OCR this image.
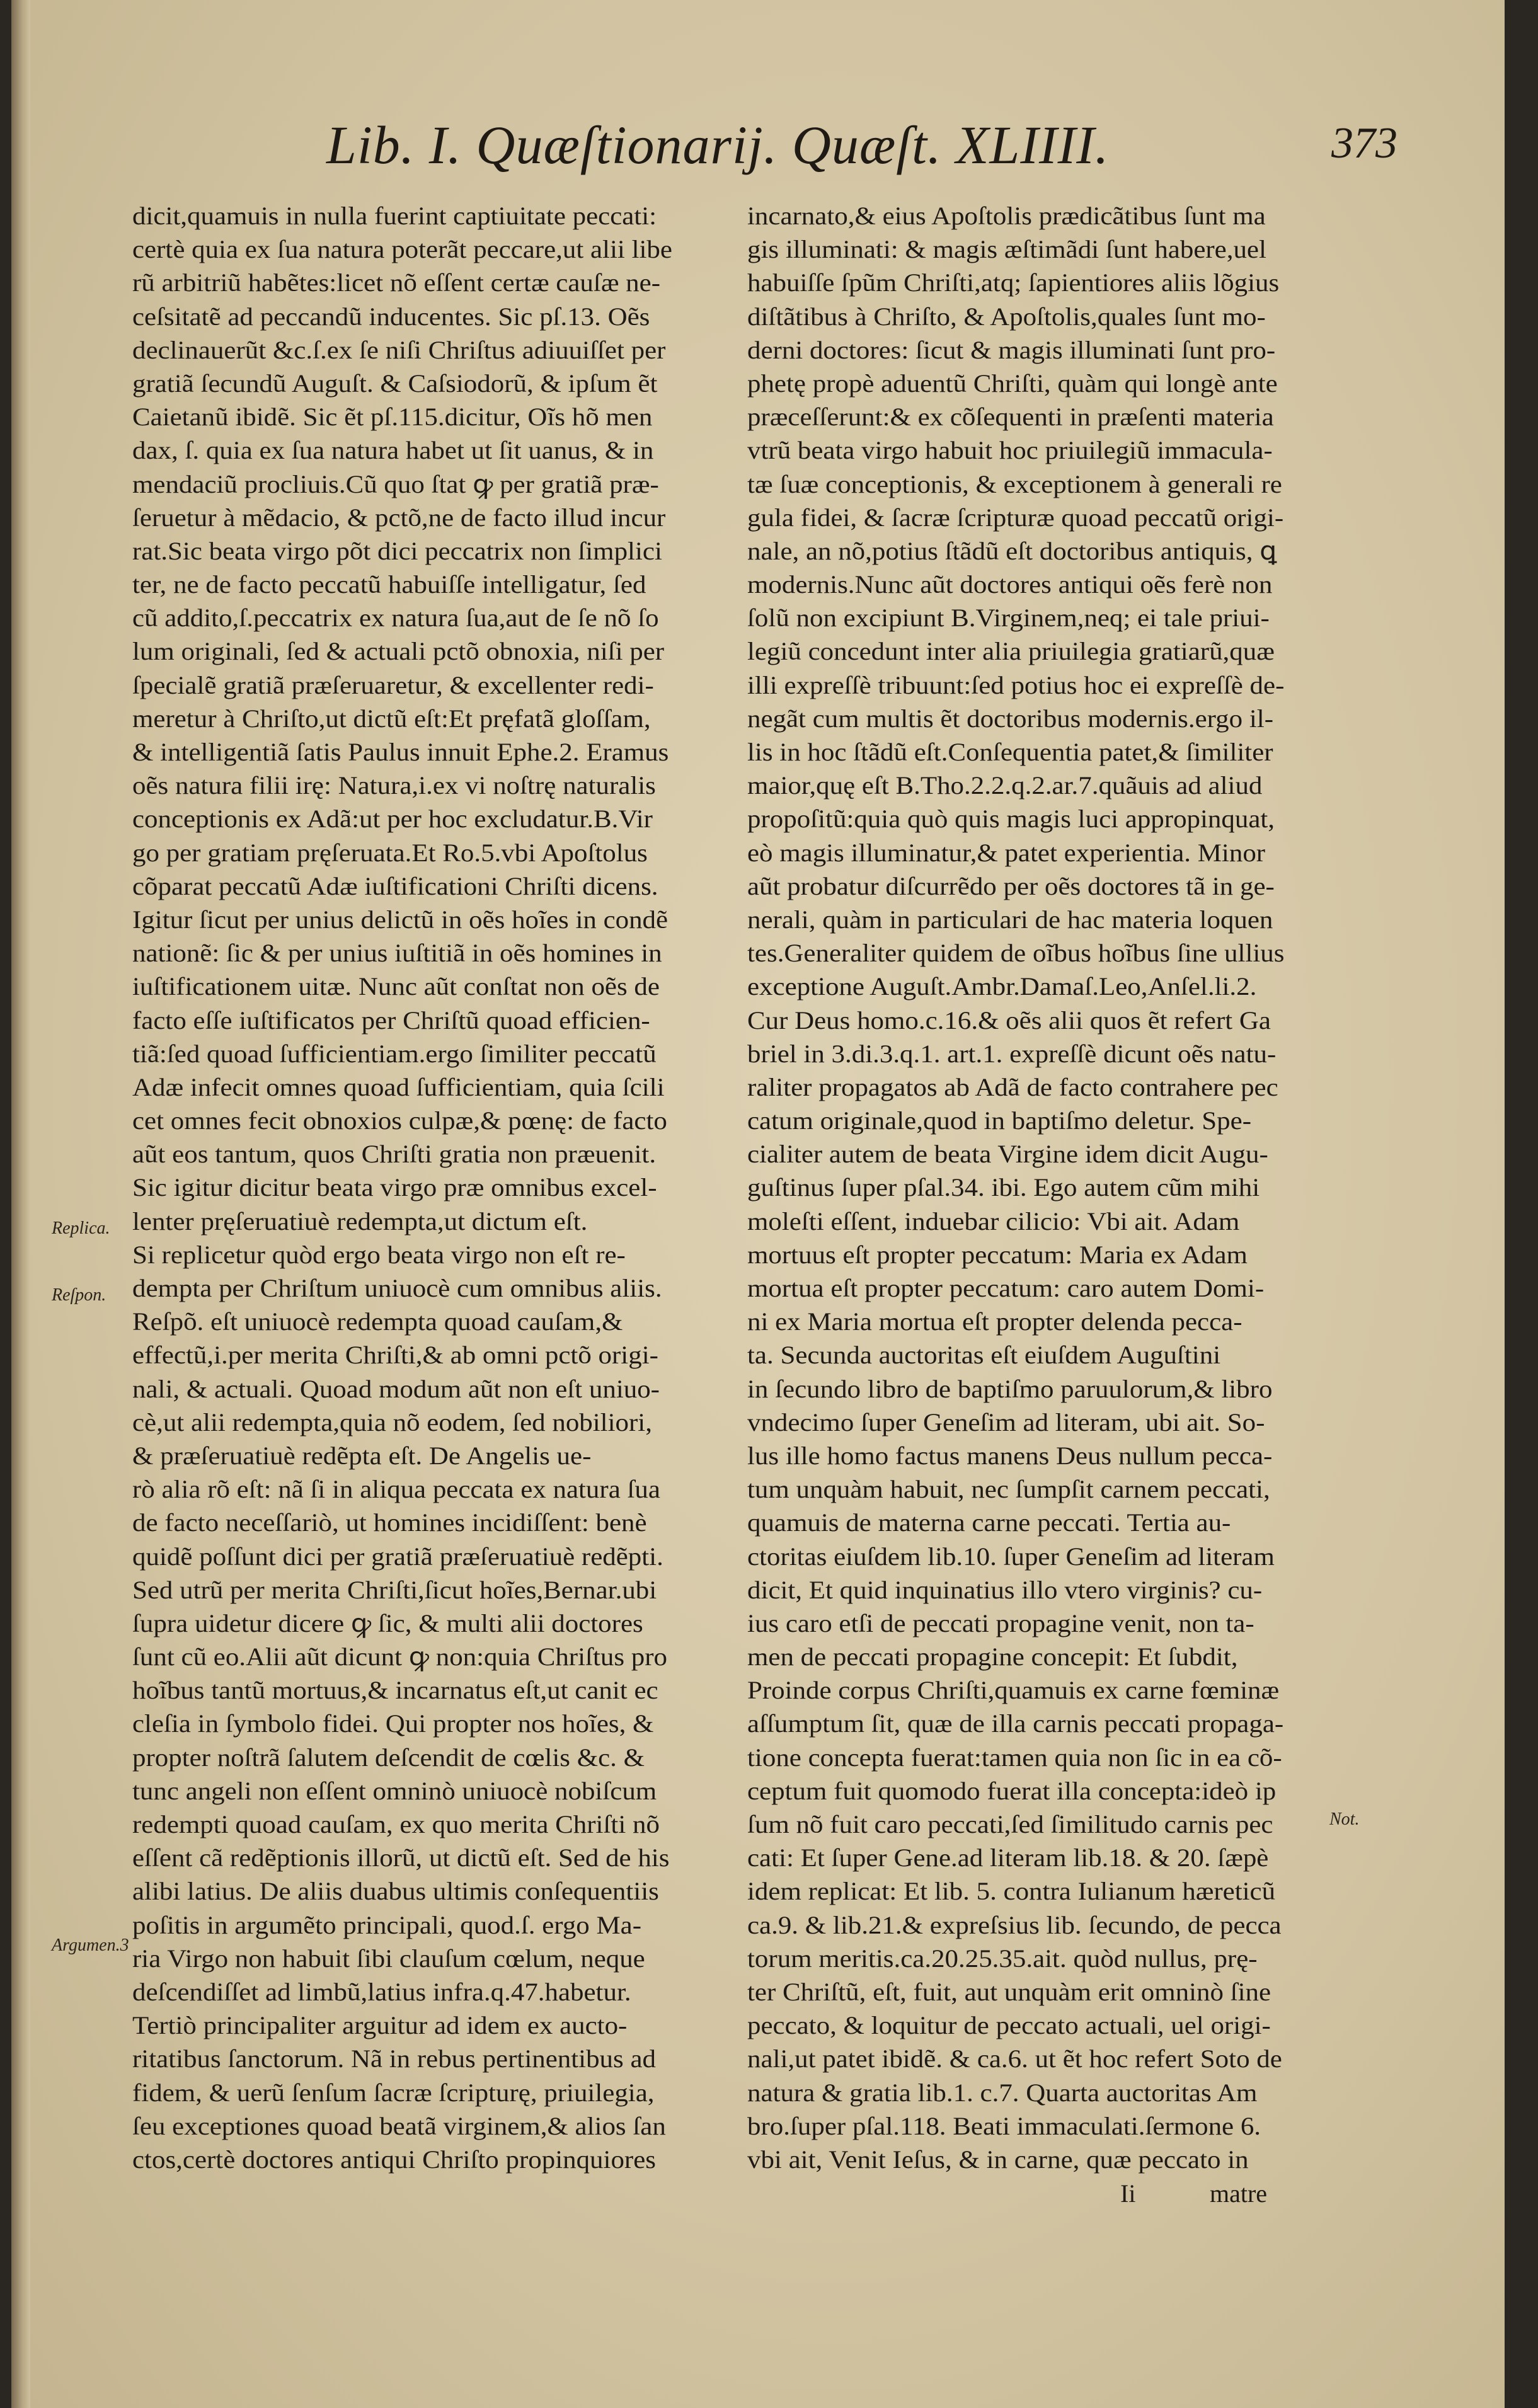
Lib. I. Quæſtionarij. Quæſt. XLIIII.	373
dicit,quamuis in nulla fuerint captiuitate peccati:
certè quia ex ſua natura poterãt peccare,ut alii libe
rũ arbitriũ habẽtes:licet nõ eſſent certæ cauſæ ne-
ceſsitatẽ ad peccandũ inducentes. Sic pſ.13. Oẽs
declinauerũt &c.ſ.ex ſe niſi Chriſtus adiuuiſſet per
gratiã ſecundũ Auguſt. & Caſsiodorũ, & ipſum ẽt
Caietanũ ibidẽ. Sic ẽt pſ.115.dicitur, Oĩs hõ men
dax, ſ. quia ex ſua natura habet ut ſit uanus, & in
mendaciũ procliuis.Cũ quo ſtat ꝙ per gratiã præ-
ſeruetur à mẽdacio, & pctõ,ne de facto illud incur
rat.Sic beata virgo põt dici peccatrix non ſimplici
ter, ne de facto peccatũ habuiſſe intelligatur, ſed
cũ addito,ſ.peccatrix ex natura ſua,aut de ſe nõ ſo
lum originali, ſed & actuali pctõ obnoxia, niſi per
ſpecialẽ gratiã præſeruaretur, & excellenter redi-
meretur à Chriſto,ut dictũ eſt:Et pręfatã gloſſam,
& intelligentiã ſatis Paulus innuit Ephe.2. Eramus
oẽs natura filii irę: Natura,i.ex vi noſtrę naturalis
conceptionis ex Adã:ut per hoc excludatur.B.Vir
go per gratiam pręſeruata.Et Ro.5.vbi Apoſtolus
cõparat peccatũ Adæ iuſtificationi Chriſti dicens.
Igitur ſicut per unius delictũ in oẽs hoĩes in condẽ
nationẽ: ſic & per unius iuſtitiã in oẽs homines in
iuſtificationem uitæ. Nunc aũt conſtat non oẽs de
facto eſſe iuſtificatos per Chriſtũ quoad efficien-
tiã:ſed quoad ſufficientiam.ergo ſimiliter peccatũ
Adæ infecit omnes quoad ſufficientiam, quia ſcili
cet omnes fecit obnoxios culpæ,& pœnę: de facto
aũt eos tantum, quos Chriſti gratia non præuenit.
Sic igitur dicitur beata virgo præ omnibus excel-
lenter pręſeruatiuè redempta,ut dictum eſt.
Si replicetur quòd ergo beata virgo non eſt re-
dempta per Chriſtum uniuocè cum omnibus aliis.
Reſpõ. eſt uniuocè redempta quoad cauſam,&
effectũ,i.per merita Chriſti,& ab omni pctõ origi-
nali, & actuali. Quoad modum aũt non eſt uniuo-
cè,ut alii redempta,quia nõ eodem, ſed nobiliori,
& præſeruatiuè redẽpta eſt. De Angelis ue-
rò alia rõ eſt: nã ſi in aliqua peccata ex natura ſua
de facto neceſſariò, ut homines incidiſſent: benè
quidẽ poſſunt dici per gratiã præſeruatiuè redẽpti.
Sed utrũ per merita Chriſti,ſicut hoĩes,Bernar.ubi
ſupra uidetur dicere ꝙ ſic, & multi alii doctores
ſunt cũ eo.Alii aũt dicunt ꝙ non:quia Chriſtus pro
hoĩbus tantũ mortuus,& incarnatus eſt,ut canit ec
cleſia in ſymbolo fidei. Qui propter nos hoĩes, &
propter noſtrã ſalutem deſcendit de cœlis &c. &
tunc angeli non eſſent omninò uniuocè nobiſcum
redempti quoad cauſam, ex quo merita Chriſti nõ
eſſent cã redẽptionis illorũ, ut dictũ eſt. Sed de his
alibi latius. De aliis duabus ultimis conſequentiis
poſitis in argumẽto principali, quod.ſ. ergo Ma-
ria Virgo non habuit ſibi clauſum cœlum, neque
deſcendiſſet ad limbũ,latius infra.q.47.habetur.
Tertiò principaliter arguitur ad idem ex aucto-
ritatibus ſanctorum. Nã in rebus pertinentibus ad
fidem, & uerũ ſenſum ſacræ ſcripturę, priuilegia,
ſeu exceptiones quoad beatã virginem,& alios ſan
ctos,certè doctores antiqui Chriſto propinquiores
incarnato,& eius Apoſtolis prædicãtibus ſunt ma
gis illuminati: & magis æſtimãdi ſunt habere,uel
habuiſſe ſpũm Chriſti,atq; ſapientiores aliis lõgius
diſtãtibus à Chriſto, & Apoſtolis,quales ſunt mo-
derni doctores: ſicut & magis illuminati ſunt pro-
phetę propè aduentũ Chriſti, quàm qui longè ante
præceſſerunt:& ex cõſequenti in præſenti materia
vtrũ beata virgo habuit hoc priuilegiũ immacula-
tæ ſuæ conceptionis, & exceptionem à generali re
gula fidei, & ſacræ ſcripturæ quoad peccatũ origi-
nale, an nõ,potius ſtãdũ eſt doctoribus antiquis, ꝗ
modernis.Nunc aũt doctores antiqui oẽs ferè non
ſolũ non excipiunt B.Virginem,neq; ei tale priui-
legiũ concedunt inter alia priuilegia gratiarũ,quæ
illi expreſſè tribuunt:ſed potius hoc ei expreſſè de-
negãt cum multis ẽt doctoribus modernis.ergo il-
lis in hoc ſtãdũ eſt.Conſequentia patet,& ſimiliter
maior,quę eſt B.Tho.2.2.q.2.ar.7.quãuis ad aliud
propoſitũ:quia quò quis magis luci appropinquat,
eò magis illuminatur,& patet experientia. Minor
aũt probatur diſcurrẽdo per oẽs doctores tã in ge-
nerali, quàm in particulari de hac materia loquen
tes.Generaliter quidem de oĩbus hoĩbus ſine ullius
exceptione Auguſt.Ambr.Damaſ.Leo,Anſel.li.2.
Cur Deus homo.c.16.& oẽs alii quos ẽt refert Ga
briel in 3.di.3.q.1. art.1. expreſſè dicunt oẽs natu-
raliter propagatos ab Adã de facto contrahere pec
catum originale,quod in baptiſmo deletur. Spe-
cialiter autem de beata Virgine idem dicit Augu-
guſtinus ſuper pſal.34. ibi. Ego autem cũm mihi
moleſti eſſent, induebar cilicio: Vbi ait. Adam
mortuus eſt propter peccatum: Maria ex Adam
mortua eſt propter peccatum: caro autem Domi-
ni ex Maria mortua eſt propter delenda pecca-
ta. Secunda auctoritas eſt eiuſdem Auguſtini
in ſecundo libro de baptiſmo paruulorum,& libro
vndecimo ſuper Geneſim ad literam, ubi ait. So-
lus ille homo factus manens Deus nullum pecca-
tum unquàm habuit, nec ſumpſit carnem peccati,
quamuis de materna carne peccati. Tertia au-
ctoritas eiuſdem lib.10. ſuper Geneſim ad literam
dicit, Et quid inquinatius illo vtero virginis? cu-
ius caro etſi de peccati propagine venit, non ta-
men de peccati propagine concepit: Et ſubdit,
Proinde corpus Chriſti,quamuis ex carne fœminæ
aſſumptum ſit, quæ de illa carnis peccati propaga-
tione concepta fuerat:tamen quia non ſic in ea cõ-
ceptum fuit quomodo fuerat illa concepta:ideò ip
ſum nõ fuit caro peccati,ſed ſimilitudo carnis pec
cati: Et ſuper Gene.ad literam lib.18. & 20. ſæpè
idem replicat: Et lib. 5. contra Iulianum hæreticũ
ca.9. & lib.21.& expreſsius lib. ſecundo, de pecca
torum meritis.ca.20.25.35.ait. quòd nullus, prę-
ter Chriſtũ, eſt, fuit, aut unquàm erit omninò ſine
peccato, & loquitur de peccato actuali, uel origi-
nali,ut patet ibidẽ. & ca.6. ut ẽt hoc refert Soto de
natura & gratia lib.1. c.7. Quarta auctoritas Am
bro.ſuper pſal.118. Beati immaculati.ſermone 6.
vbi ait, Venit Ieſus, & in carne, quæ peccato in
Replica.
Reſpon.
Argumen.3
Not.
Ii	matre
